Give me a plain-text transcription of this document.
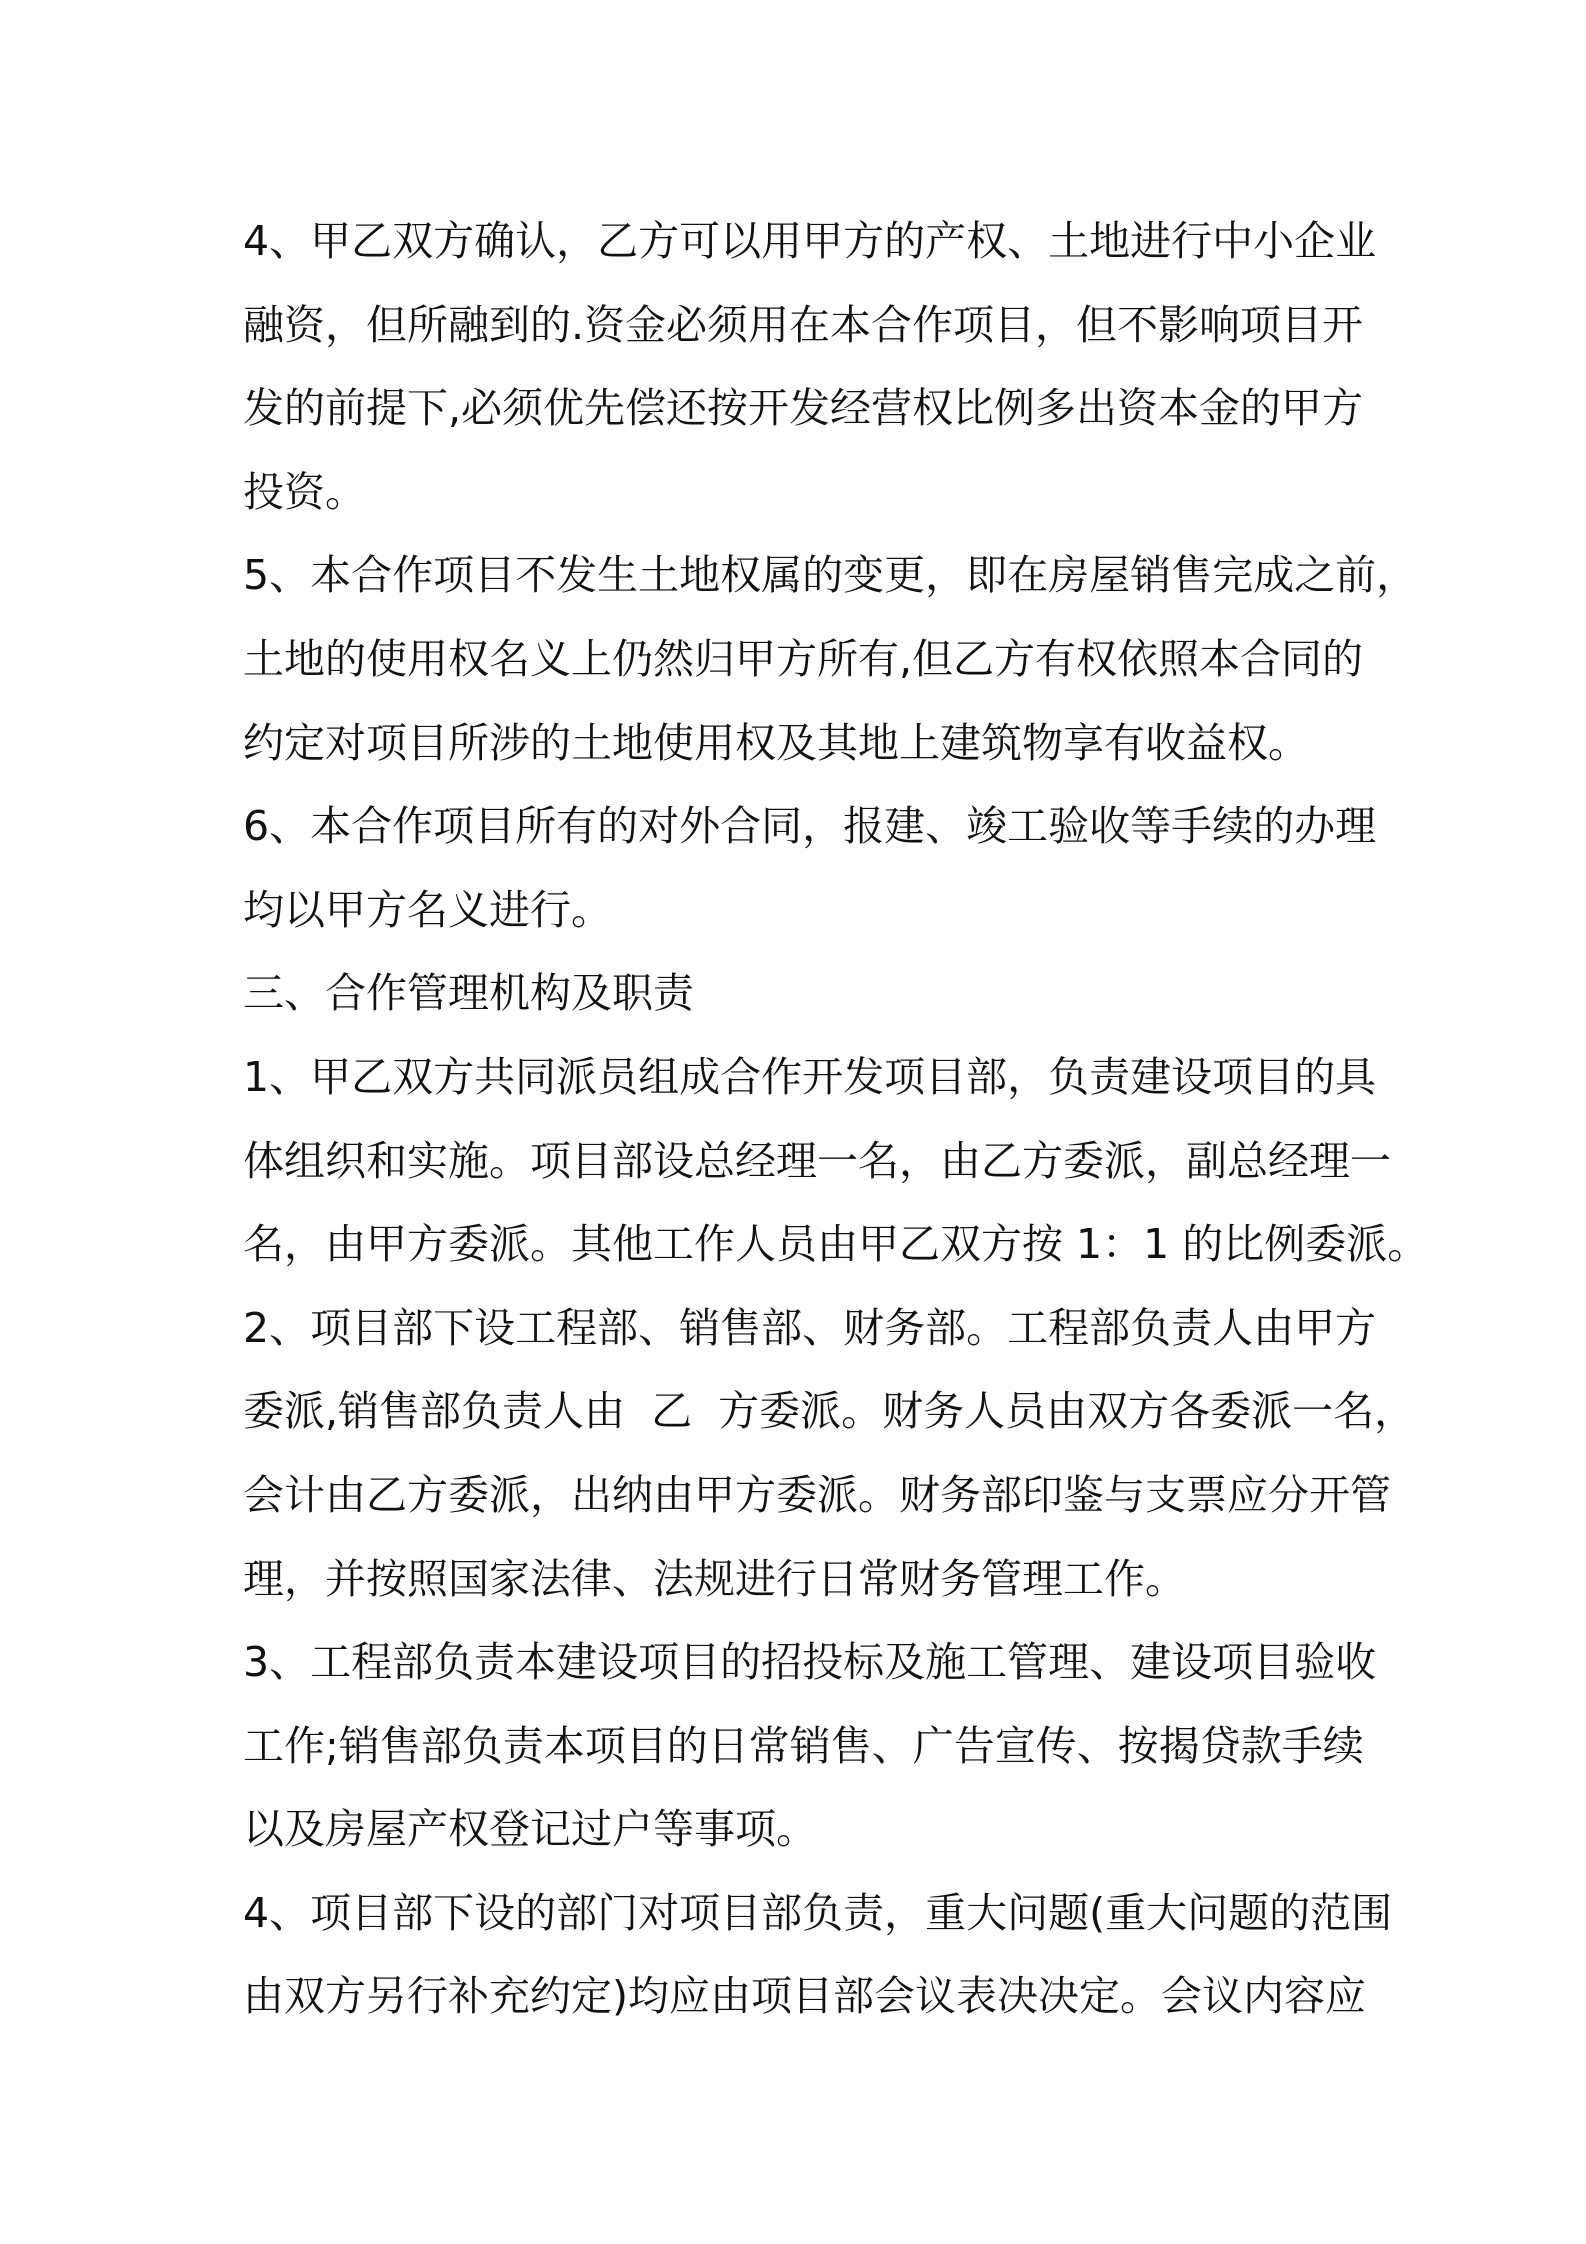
4、甲乙双方确认，乙方可以用甲方的产权、土地进行中小企业
融资，但所融到的.资金必须用在本合作项目，但不影响项目开
发的前提下,必须优先偿还按开发经营权比例多出资本金的甲方
投资。
5、本合作项目不发生土地权属的变更，即在房屋销售完成之前，
土地的使用权名义上仍然归甲方所有,但乙方有权依照本合同的
约定对项目所涉的土地使用权及其地上建筑物享有收益权。
6、本合作项目所有的对外合同，报建、竣工验收等手续的办理
均以甲方名义进行。
三、合作管理机构及职责
1、甲乙双方共同派员组成合作开发项目部，负责建设项目的具
体组织和实施。项目部设总经理一名，由乙方委派，副总经理一
名，由甲方委派。其他工作人员由甲乙双方按 1：1 的比例委派。
2、项目部下设工程部、销售部、财务部。工程部负责人由甲方
委派,销售部负责人由  乙  方委派。财务人员由双方各委派一名，
会计由乙方委派，出纳由甲方委派。财务部印鉴与支票应分开管
理，并按照国家法律、法规进行日常财务管理工作。
3、工程部负责本建设项目的招投标及施工管理、建设项目验收
工作;销售部负责本项目的日常销售、广告宣传、按揭贷款手续
以及房屋产权登记过户等事项。
4、项目部下设的部门对项目部负责，重大问题(重大问题的范围
由双方另行补充约定)均应由项目部会议表决决定。会议内容应
